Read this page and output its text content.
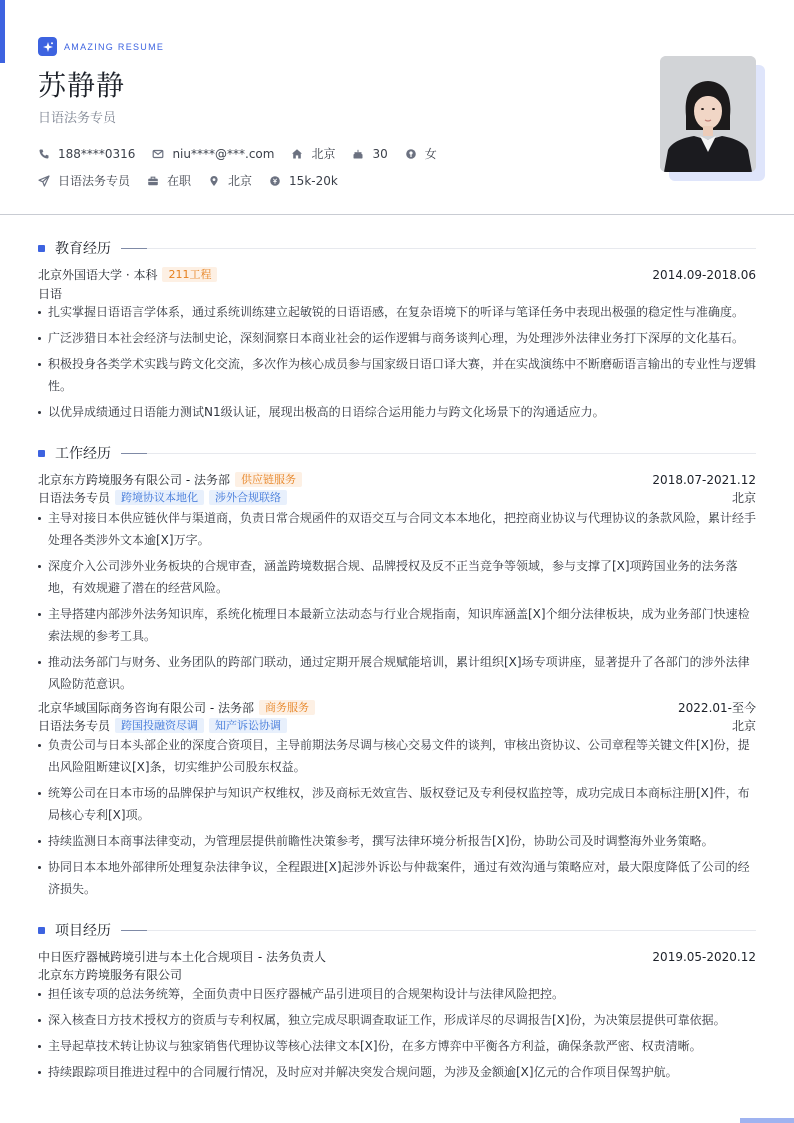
AMAZING RESUME
苏静静
日语法务专员
188****0316	niu****@***.com	北京	30	女
日语法务专员	在职	北京	15k-20k
教育经历
北京外国语大学 · 本科	211工程	2014.09-2018.06
日语
扎实掌握日语语言学体系，通过系统训练建立起敏锐的日语语感，在复杂语境下的听译与笔译任务中表现出极强的稳定性与准确度。
广泛涉猎日本社会经济与法制史论，深刻洞察日本商业社会的运作逻辑与商务谈判心理，为处理涉外法律业务打下深厚的文化基石。
积极投身各类学术实践与跨文化交流，多次作为核心成员参与国家级日语口译大赛，并在实战演练中不断磨砺语言输出的专业性与逻辑性。
以优异成绩通过日语能力测试N1级认证，展现出极高的日语综合运用能力与跨文化场景下的沟通适应力。
工作经历
北京东方跨境服务有限公司 - 法务部	供应链服务	2018.07-2021.12
日语法务专员	跨境协议本地化	涉外合规联络	北京
主导对接日本供应链伙伴与渠道商，负责日常合规函件的双语交互与合同文本本地化，把控商业协议与代理协议的条款风险，累计经手处理各类涉外文本逾[X]万字。
深度介入公司涉外业务板块的合规审查，涵盖跨境数据合规、品牌授权及反不正当竞争等领域，参与支撑了[X]项跨国业务的法务落地，有效规避了潜在的经营风险。
主导搭建内部涉外法务知识库，系统化梳理日本最新立法动态与行业合规指南，知识库涵盖[X]个细分法律板块，成为业务部门快速检索法规的参考工具。
推动法务部门与财务、业务团队的跨部门联动，通过定期开展合规赋能培训，累计组织[X]场专项讲座，显著提升了各部门的涉外法律风险防范意识。
北京华域国际商务咨询有限公司 - 法务部	商务服务	2022.01-至今
日语法务专员	跨国投融资尽调	知产诉讼协调	北京
负责公司与日本头部企业的深度合资项目，主导前期法务尽调与核心交易文件的谈判，审核出资协议、公司章程等关键文件[X]份，提出风险阻断建议[X]条，切实维护公司股东权益。
统筹公司在日本市场的品牌保护与知识产权维权，涉及商标无效宣告、版权登记及专利侵权监控等，成功完成日本商标注册[X]件，布局核心专利[X]项。
持续监测日本商事法律变动，为管理层提供前瞻性决策参考，撰写法律环境分析报告[X]份，协助公司及时调整海外业务策略。
协同日本本地外部律所处理复杂法律争议，全程跟进[X]起涉外诉讼与仲裁案件，通过有效沟通与策略应对，最大限度降低了公司的经济损失。
项目经历
中日医疗器械跨境引进与本土化合规项目 - 法务负责人	2019.05-2020.12
北京东方跨境服务有限公司
担任该专项的总法务统筹，全面负责中日医疗器械产品引进项目的合规架构设计与法律风险把控。
深入核查日方技术授权方的资质与专利权属，独立完成尽职调查取证工作，形成详尽的尽调报告[X]份，为决策层提供可靠依据。
主导起草技术转让协议与独家销售代理协议等核心法律文本[X]份，在多方博弈中平衡各方利益，确保条款严密、权责清晰。
持续跟踪项目推进过程中的合同履行情况，及时应对并解决突发合规问题，为涉及金额逾[X]亿元的合作项目保驾护航。
